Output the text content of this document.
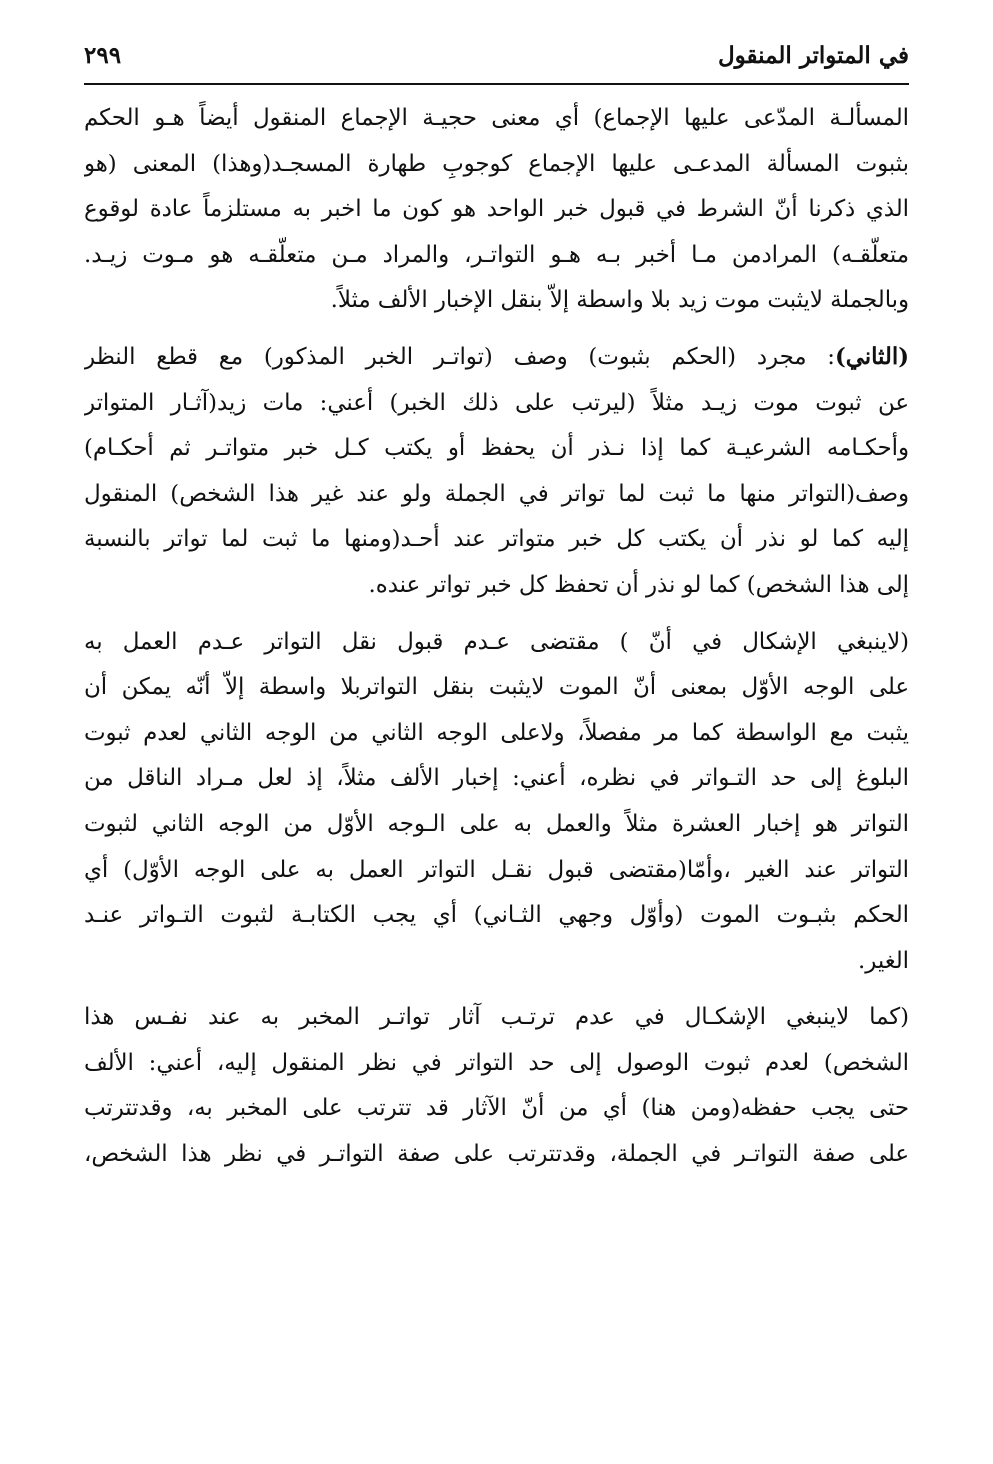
في المتواتر المنقول
٢٩٩

المسألـة المدّعى عليها الإجماع) أي معنى حجيـة الإجماع المنقول أيضاً هـو الحكم
بثبوت المسألة المدعـى عليها الإجماع كوجوبِ طهارة المسجـد(وهذا) المعنى (هو
الذي ذكرنا أنّ الشرط في قبول خبر الواحد هو كون ما اخبر به مستلزماً عادة لوقوع
متعلّقـه) المرادمن مـا أخبر بـه هـو التواتـر، والمراد مـن متعلّقـه هو مـوت زيـد.
وبالجملة لايثبت موت زيد بلا واسطة إلاّ بنقل الإخبار الألف مثلاً.

(الثاني): مجرد (الحكم بثبوت) وصف (تواتـر الخبر المذكور) مع قطع النظر
عن ثبوت موت زيـد مثلاً (ليرتب على ذلك الخبر) أعني: مات زيد(آثـار المتواتر
وأحكـامه الشرعيـة كما إذا نـذر أن يحفظ أو يكتب كـل خبر متواتـر ثم أحكـام)
وصف(التواتر منها ما ثبت لما تواتر في الجملة ولو عند غير هذا الشخص) المنقول
إليه كما لو نذر أن يكتب كل خبر متواتر عند أحـد(ومنها ما ثبت لما تواتر بالنسبة
إلى هذا الشخص) كما لو نذر أن تحفظ كل خبر تواتر عنده.

(لاينبغي الإشكال في أنّ ) مقتضى عـدم قبول نقل التواتر عـدم العمل به
على الوجه الأوّل بمعنى أنّ الموت لايثبت بنقل التواتربلا واسطة إلاّ أنّه يمكن أن
يثبت مع الواسطة كما مر مفصلاً، ولاعلى الوجه الثاني من الوجه الثاني لعدم ثبوت
البلوغ إلى حد التـواتر في نظره، أعني: إخبار الألف مثلاً، إذ لعل مـراد الناقل من
التواتر هو إخبار العشرة مثلاً والعمل به على الـوجه الأوّل من الوجه الثاني لثبوت
التواتر عند الغير ،وأمّا(مقتضى قبول نقـل التواتر العمل به على الوجه الأوّل) أي
الحكم بثبـوت الموت (وأوّل وجهي الثـاني) أي يجب الكتابـة لثبوت التـواتر عنـد
الغير.

(كما لاينبغي الإشكـال في عدم ترتـب آثار تواتـر المخبر به عند نفـس هذا
الشخص) لعدم ثبوت الوصول إلى حد التواتر في نظر المنقول إليه، أعني: الألف
حتى يجب حفظه(ومن هنا) أي من أنّ الآثار قد تترتب على المخبر به، وقدتترتب
على صفة التواتـر في الجملة، وقدتترتب على صفة التواتـر في نظر هذا الشخص،
